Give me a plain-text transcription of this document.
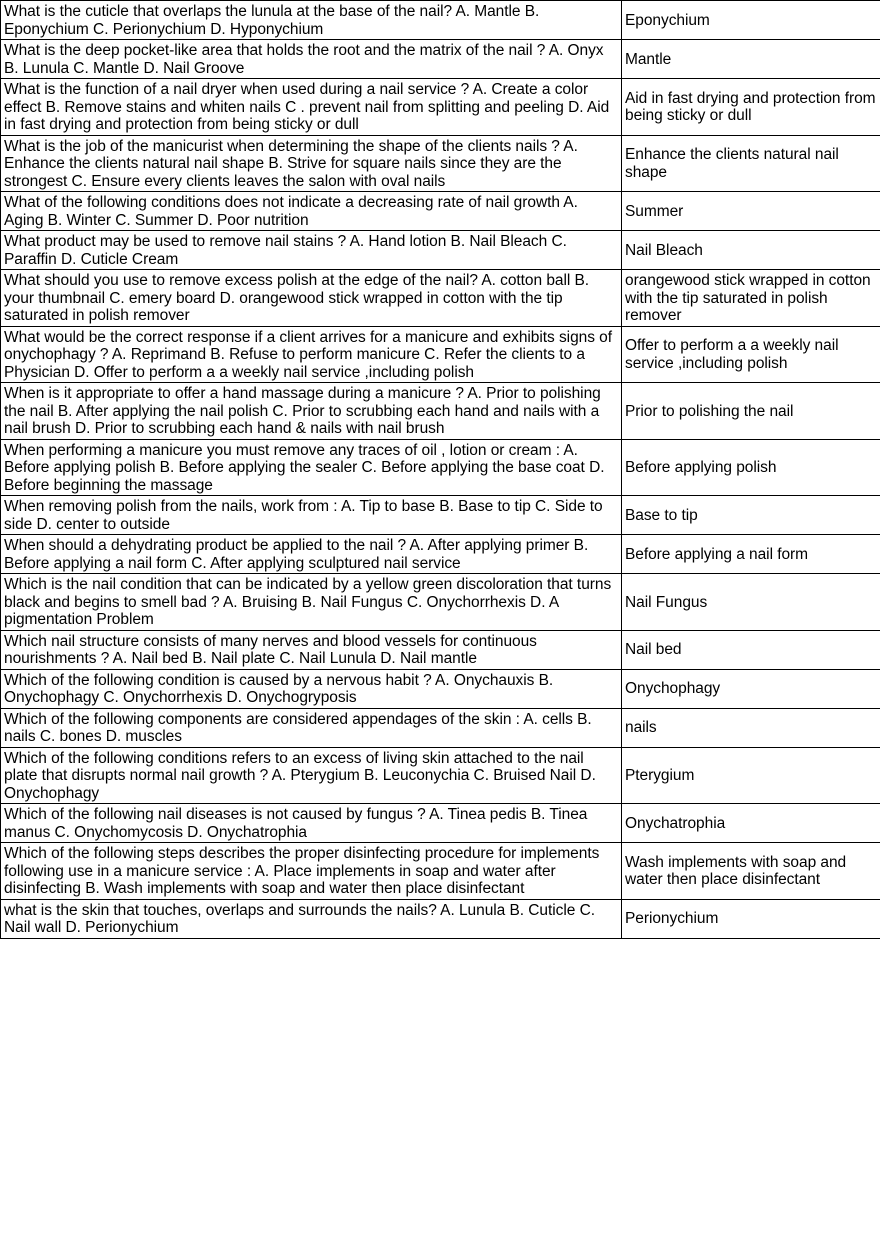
What is the cuticle that overlaps the lunula at the base of the nail? A. Mantle B. Eponychium C. Perionychium D. Hyponychium	Eponychium
What is the deep pocket-like area that holds the root and the matrix of the nail ? A. Onyx B. Lunula C. Mantle D. Nail Groove	Mantle
What is the function of a nail dryer when used during a nail service ? A. Create a color effect B. Remove stains and whiten nails C . prevent nail from splitting and peeling D. Aid in fast drying and protection from being sticky or dull	Aid in fast drying and protection from being sticky or dull
What is the job of the manicurist when determining the shape of the clients nails ? A. Enhance the clients natural nail shape B. Strive for square nails since they are the strongest C. Ensure every clients leaves the salon with oval nails	Enhance the clients natural nail shape
What of the following conditions does not indicate a decreasing rate of nail growth A. Aging B. Winter C. Summer D. Poor nutrition	Summer
What product may be used to remove nail stains ? A. Hand lotion B. Nail Bleach C. Paraffin D. Cuticle Cream	Nail Bleach
What should you use to remove excess polish at the edge of the nail? A. cotton ball B. your thumbnail C. emery board D. orangewood stick wrapped in cotton with the tip saturated in polish remover	orangewood stick wrapped in cotton with the tip saturated in polish remover
What would be the correct response if a client arrives for a manicure and exhibits signs of onychophagy ? A. Reprimand B. Refuse to perform manicure C. Refer the clients to a Physician D. Offer to perform a a weekly nail service ,including polish	Offer to perform a a weekly nail service ,including polish
When is it appropriate to offer a hand massage during a manicure ? A. Prior to polishing the nail B. After applying the nail polish C. Prior to scrubbing each hand and nails with a nail brush D. Prior to scrubbing each hand & nails with nail brush	Prior to polishing the nail
When performing a manicure you must remove any traces of oil , lotion or cream : A. Before applying polish B. Before applying the sealer C. Before applying the base coat D. Before beginning the massage	Before applying polish
When removing polish from the nails, work from : A. Tip to base B. Base to tip C. Side to side D. center to outside	Base to tip
When should a dehydrating product be applied to the nail ? A. After applying primer B. Before applying a nail form C. After applying sculptured nail service	Before applying a nail form
Which is the nail condition that can be indicated by a yellow green discoloration that turns black and begins to smell bad ? A. Bruising B. Nail Fungus C. Onychorrhexis D. A pigmentation Problem	Nail Fungus
Which nail structure consists of many nerves and blood vessels for continuous nourishments ? A. Nail bed B. Nail plate C. Nail Lunula D. Nail mantle	Nail bed
Which of the following condition is caused by a nervous habit ? A. Onychauxis B. Onychophagy C. Onychorrhexis D. Onychogryposis	Onychophagy
Which of the following components are considered appendages of the skin : A. cells B. nails C. bones D. muscles	nails
Which of the following conditions refers to an excess of living skin attached to the nail plate that disrupts normal nail growth ? A. Pterygium B. Leuconychia C. Bruised Nail D. Onychophagy	Pterygium
Which of the following nail diseases is not caused by fungus ? A. Tinea pedis B. Tinea manus C. Onychomycosis D. Onychatrophia	Onychatrophia
Which of the following steps describes the proper disinfecting procedure for implements following use in a manicure service : A. Place implements in soap and water after disinfecting B. Wash implements with soap and water then place disinfectant	Wash implements with soap and water then place disinfectant
what is the skin that touches, overlaps and surrounds the nails? A. Lunula B. Cuticle C. Nail wall D. Perionychium	Perionychium
